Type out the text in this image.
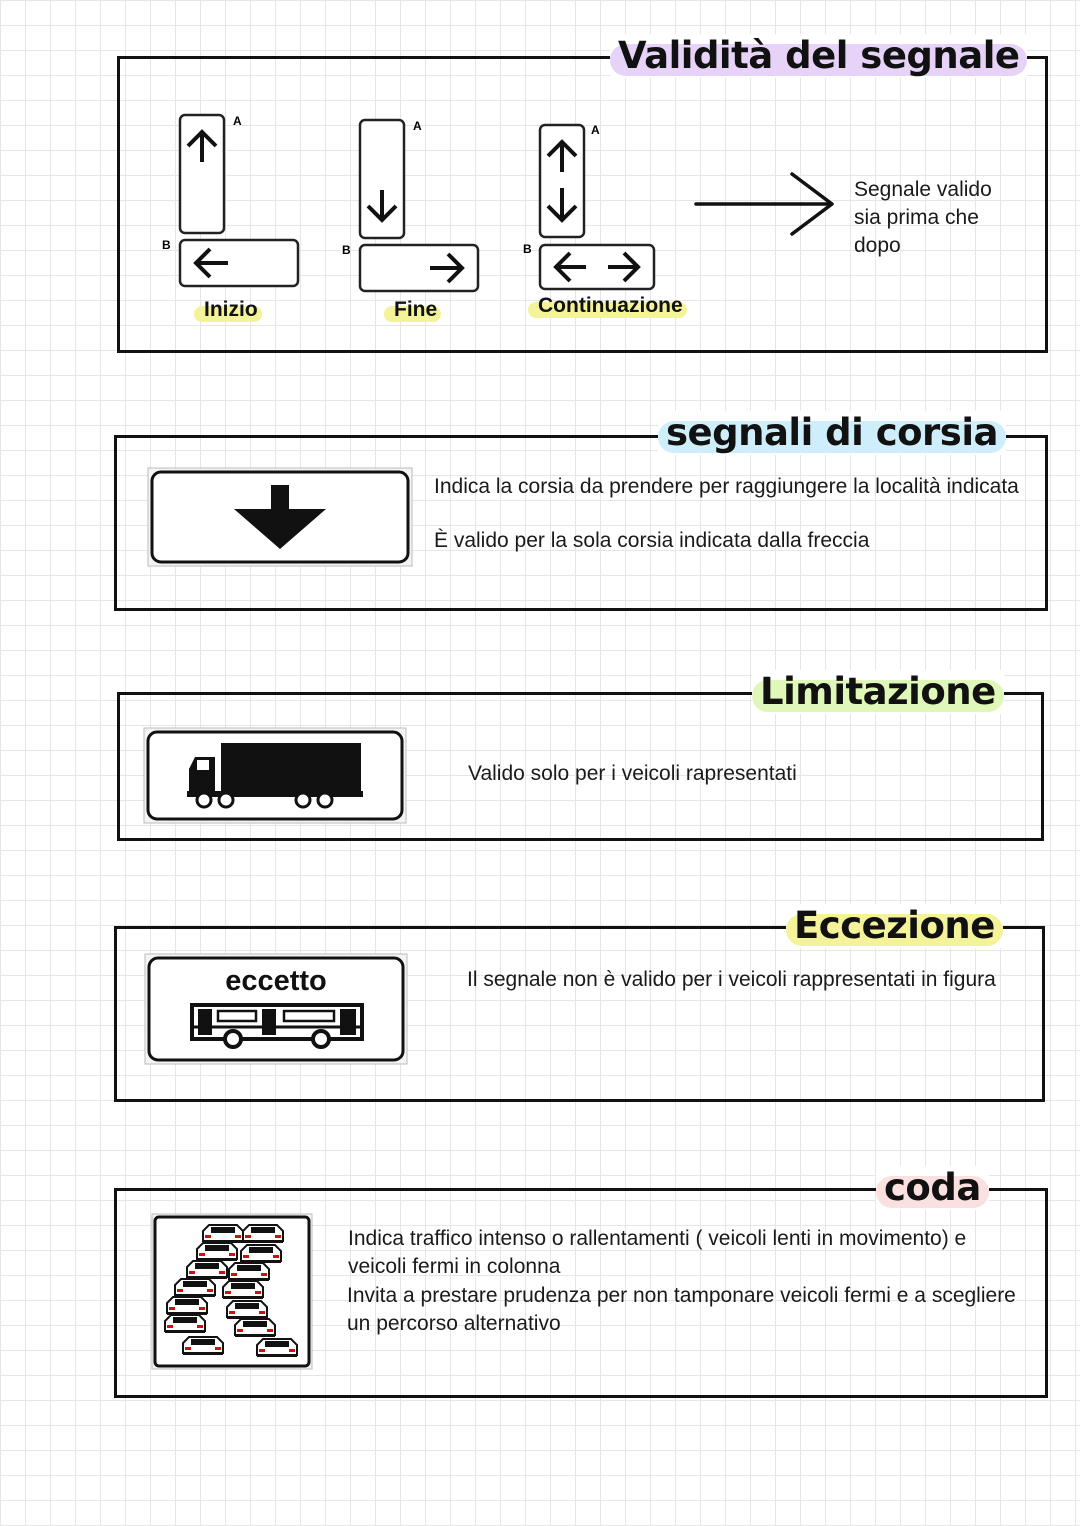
Validità del segnale
A
B
Inizio
A
B
Fine
A
B
Continuazione
Segnale valido sia prima che dopo
segnali di corsia
Indica la corsia da prendere per raggiungere la località indicata
È valido per la sola corsia indicata dalla freccia
Limitazione
Valido solo per i veicoli rapresentati
Eccezione
eccetto	Il segnale non è valido per i veicoli rappresentati in figura
coda
Indica traffico intenso o rallentamenti ( veicoli lenti in movimento) e veicoli fermi in colonna
Invita a prestare prudenza per non tamponare veicoli fermi e a scegliere un percorso alternativo
